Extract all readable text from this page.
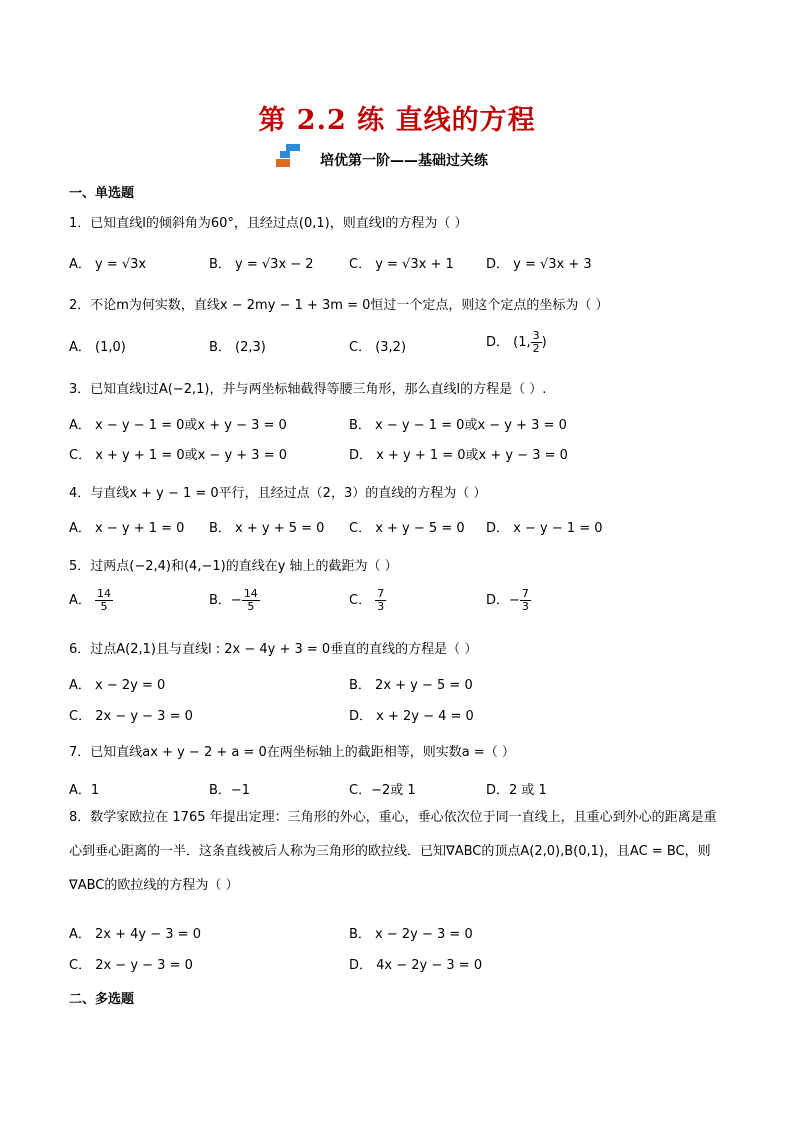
第 2.2 练 直线的方程
培优第一阶——基础过关练
一、单选题
1．已知直线l的倾斜角为60°，且经过点(0,1)，则直线l的方程为（ ）
A． y = √3x	B． y = √3x − 2	C． y = √3x + 1 D． y = √3x + 3
2．不论m为何实数，直线x − 2my − 1 + 3m = 0恒过一个定点，则这个定点的坐标为（ ）
A． (1,0)	B． (2,3)	C． (3,2)	D． (1, $\frac{3}{2}$ )
3．已知直线l过A(−2,1)，并与两坐标轴截得等腰三角形，那么直线l的方程是（ ）.
A． x − y − 1 = 0或x + y − 3 = 0	B． x − y − 1 = 0或x − y + 3 = 0
C． x + y + 1 = 0或x − y + 3 = 0	D． x + y + 1 = 0或x + y − 3 = 0
4．与直线x + y − 1 = 0平行，且经过点（2，3）的直线的方程为（ ）
A． x − y + 1 = 0 B． x + y + 5 = 0 C． x + y − 5 = 0 D． x − y − 1 = 0
5．过两点(−2,4)和(4,−1)的直线在y 轴上的截距为（ ）
A． $\frac{14}{5}$	B．− $\frac{14}{5}$	C． $\frac{7}{3}$	D．− $\frac{7}{3}$
6．过点A(2,1)且与直线l : 2x − 4y + 3 = 0垂直的直线的方程是（ ）
A． x − 2y = 0	B． 2x + y − 5 = 0
C． 2x − y − 3 = 0	D． x + 2y − 4 = 0
7．已知直线ax + y − 2 + a = 0在两坐标轴上的截距相等，则实数a =（ ）
A．1	B．−1	C．−2或 1	D．2 或 1
8．数学家欧拉在 1765 年提出定理：三角形的外心，重心，垂心依次位于同一直线上，且重心到外心的距离是重心到垂心距离的一半．这条直线被后人称为三角形的欧拉线．已知∇ABC的顶点A(2,0),B(0,1)，且AC = BC，则∇ABC的欧拉线的方程为（ ）
A． 2x + 4y − 3 = 0	B． x − 2y − 3 = 0
C． 2x − y − 3 = 0	D． 4x − 2y − 3 = 0
二、多选题
